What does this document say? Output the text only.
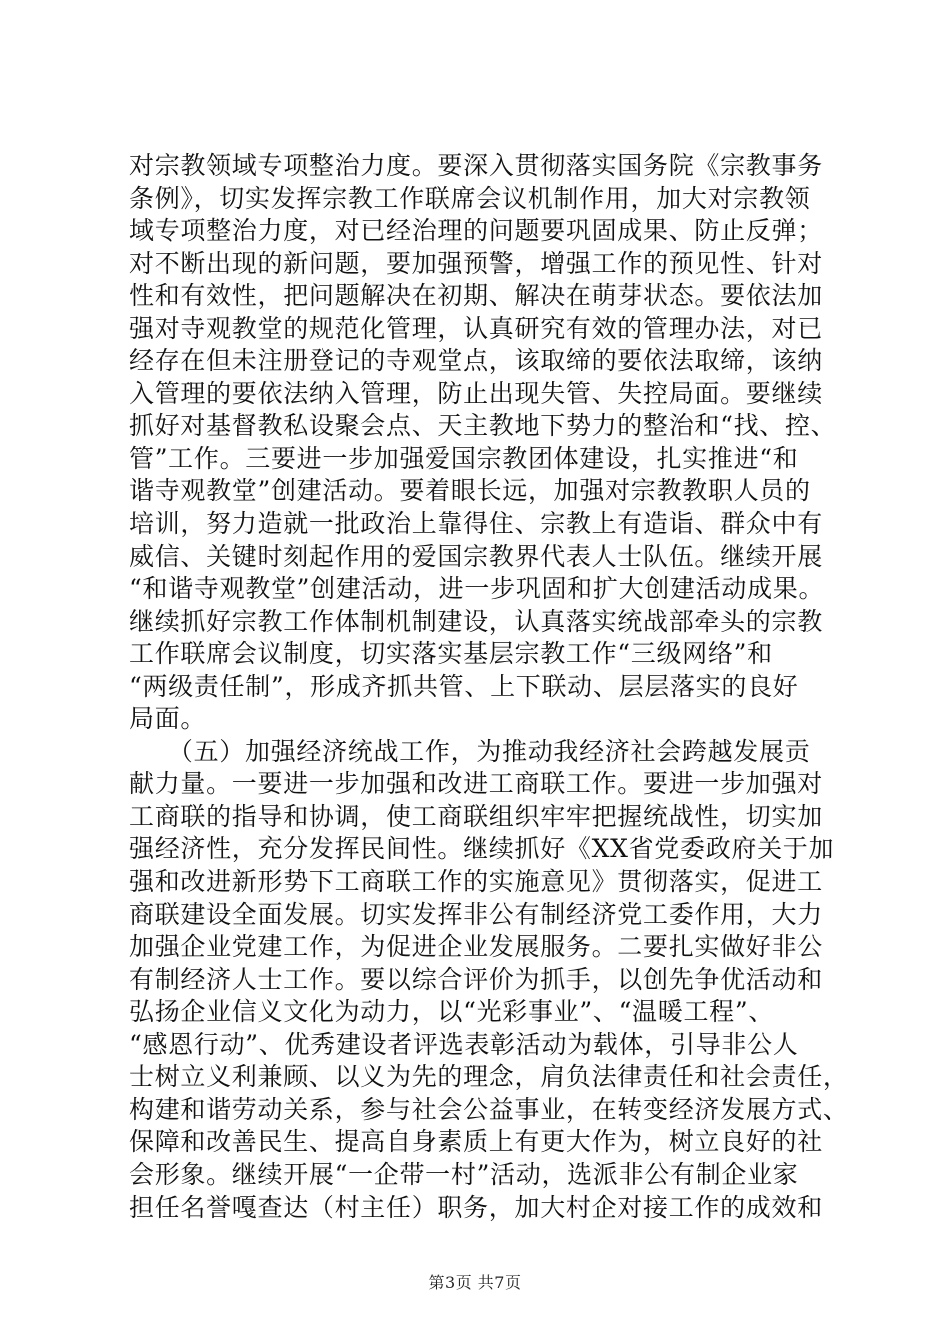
对宗教领域专项整治力度。要深入贯彻落实国务院《宗教事务
条例》，切实发挥宗教工作联席会议机制作用，加大对宗教领
域专项整治力度，对已经治理的问题要巩固成果、防止反弹；
对不断出现的新问题，要加强预警，增强工作的预见性、针对
性和有效性，把问题解决在初期、解决在萌芽状态。要依法加
强对寺观教堂的规范化管理，认真研究有效的管理办法，对已
经存在但未注册登记的寺观堂点，该取缔的要依法取缔，该纳
入管理的要依法纳入管理，防止出现失管、失控局面。要继续
抓好对基督教私设聚会点、天主教地下势力的整治和“找、控、
管”工作。三要进一步加强爱国宗教团体建设，扎实推进“和
谐寺观教堂”创建活动。要着眼长远，加强对宗教教职人员的
培训，努力造就一批政治上靠得住、宗教上有造诣、群众中有
威信、关键时刻起作用的爱国宗教界代表人士队伍。继续开展
“和谐寺观教堂”创建活动，进一步巩固和扩大创建活动成果。
继续抓好宗教工作体制机制建设，认真落实统战部牵头的宗教
工作联席会议制度，切实落实基层宗教工作“三级网络”和
“两级责任制”，形成齐抓共管、上下联动、层层落实的良好
局面。
　　（五）加强经济统战工作，为推动我经济社会跨越发展贡
献力量。一要进一步加强和改进工商联工作。要进一步加强对
工商联的指导和协调，使工商联组织牢牢把握统战性，切实加
强经济性，充分发挥民间性。继续抓好《XX省党委政府关于加
强和改进新形势下工商联工作的实施意见》贯彻落实，促进工
商联建设全面发展。切实发挥非公有制经济党工委作用，大力
加强企业党建工作，为促进企业发展服务。二要扎实做好非公
有制经济人士工作。要以综合评价为抓手，以创先争优活动和
弘扬企业信义文化为动力，以“光彩事业”、“温暖工程”、
“感恩行动”、优秀建设者评选表彰活动为载体，引导非公人
士树立义利兼顾、以义为先的理念，肩负法律责任和社会责任，
构建和谐劳动关系，参与社会公益事业，在转变经济发展方式、
保障和改善民生、提高自身素质上有更大作为，树立良好的社
会形象。继续开展“一企带一村”活动，选派非公有制企业家
担任名誉嘎查达（村主任）职务，加大村企对接工作的成效和
第3页 共7页
